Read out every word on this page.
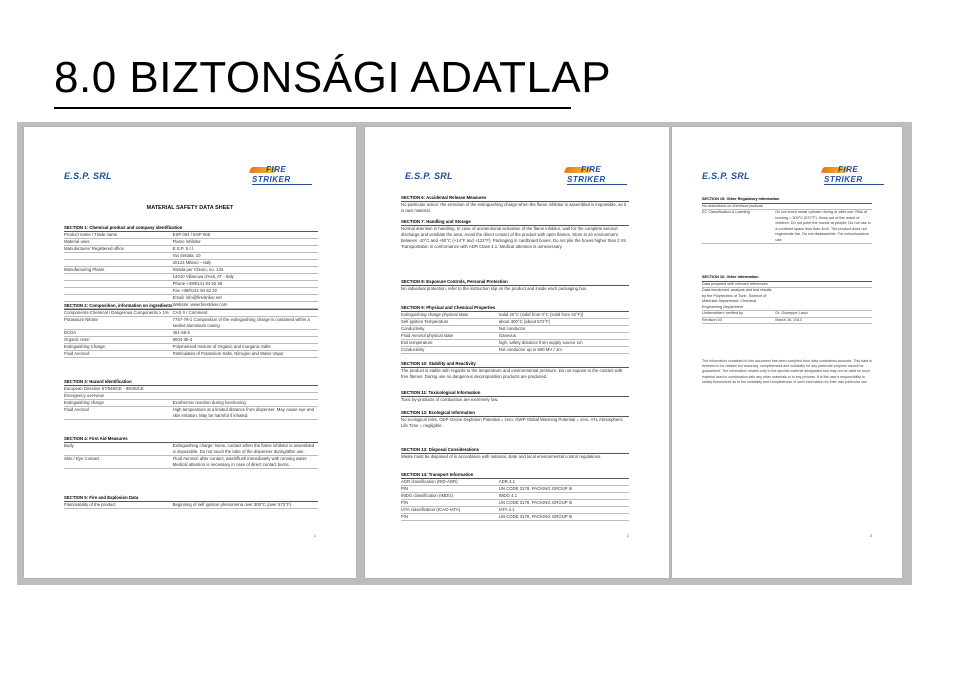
8.0 BIZTONSÁGI ADATLAP
E.S.P. SRL
FIRE
STRIKER
MATERIAL SAFETY DATA SHEET
SECTION 1: Chemical product and company identification
Product name / Trade name	ESP 004 / ESP 005
Material uses	Flame inhibitor
Manufacturer/ Registered office	E.S.P. S.r.l.
Via Settala, 10
20124 Milano – Italy
Manufacturing Plants	Strada per Chiaro, no. 134
14010 Villanova d'Asti, AT - Italy
Phone +39/0141 94 62 58
Fax +39/0141 94 62 22
Email: info@firestriker.net
Website: www.firestriker.com
SECTION 2: Composition, information on ingredients
Components-Chemical / Dangerous Components ≥ 1% CAS # / Comment
Potassium Nitrate	7757-79-1 Composition of the extinguishing charge is contained within a sealed aluminium casing
DCDA	461-58-5
Organic resin	9003-35-4
Extinguishing Charge:	Polymerised mixture of Organic and Inorganic Salts
Fluid Aerosol:	Particulates of Potassium Salts, Nitrogen and Water Vapor
SECTION 3: Hazard Identification
European Directive 67/548/CE - 99/45/CE
Emergency overview
Extinguishing charge	Exothermic reaction during functioning
Fluid Aerosol	High temperature at a limited distance from dispenser. May cause eye and skin irritation. May be harmful if inhaled.
SECTION 4: First Aid Measures
Body	Extinguishing charge: None, contact when the flame inhibitor is assembled is impossible. Do not touch the tube of the dispenser during/after use.
Skin / Eye Contact	Fluid Aerosol: after contact, wash/flush immediately with running water. Medical attention is necessary in case of direct contact burns.
SECTION 5: Fire and Explosion Data
Flammability of the product	Beginning of self ignition phenomena over 300°C (over 572°F).
1
E.S.P. SRL
FIRE
STRIKER
SECTION 6: Accidental Release Measures
No particular action: the emission of the extinguishing charge when the flame inhibitor is assembled is impossible, as it is own material.
SECTION 7: Handling and Storage
Normal attention in handling. In case of unintentional activation of the flame inhibitor, wait for the complete aerosol discharge and ventilate the area. Avoid the direct contact of the product with open flames. Store in an environment between -10°C and +50°C (+14°F and +122°F). Packaging in cardboard boxes. Do not pile the boxes higher than 2 mt. Transportation in conformance with ADR Class 4.1. Medical attention is unnecessary.
SECTION 8: Exposure Controls, Personal Protection
No individual protection, refer to the instruction slip on the product and inside each packaging box.
SECTION 9: Physical and Chemical Properties
Extinguishing charge physical state	Solid 20°C (solid from 0°C (solid from 32°F))
Self ignition Temperature	about 300°C (about 572°F)
Conductivity	Not conductor
Fluid Aerosol physical state	Gaseous
Exit temperature	high, safety distance from supply source 1m
Conductivity	Not conductor up to 500 MV / 1m
SECTION 10: Stability and Reactivity
The product is stable with regards to the temperature and environmental pressure. Do not expose to the contact with free flames. During use no dangerous decomposition products are produced.
SECTION 11: Toxicological Information
Toxic by-products of combustion are extremely low.
SECTION 12: Ecological Information
No ecological risks. ODP Ozone Depletion Potential = zero. GWP Global Warming Potential = zero. ATL Atmospheric Life Time = negligible.
SECTION 13: Disposal Considerations
Waste must be disposed of in accordance with national, state and local environmental control regulations.
SECTION 14: Transport Information
ADR classification (RID-ADR)	ADR 4.1
P/N	UN CODE 3178, PACKING GROUP III
IMDG classification (IMDG)	IMDG 4.1
P/N	UN CODE 3178, PACKING GROUP III
IATA classification (ICAO-IATA)	IATA 4.1
P/N	UN CODE 3178, PACKING GROUP III
2
E.S.P. SRL
FIRE
STRIKER
SECTION 15: Other Regulatory Information
No restrictions on chemical products
EC Classification & Labeling	Do not touch metal cylinder during or after use. Risk of burning > 300°C (572°F). Keep out of the reach of children. Do not point the nozzle at people. Do not use in a confined space less than 4m3. The product does not regenerate fire. Do not disassemble. For indoor/outdoor use.
SECTION 16: Other Information
Data prepared with relevant references.
Data mentioned, analysis and test results by the Polytechnic of Turin, Science of Materials Department; Chemical Engineering Department
Underwritten/ verified by	Dr. Giuseppe Lanzi
Revision 00	March 26, 2013
The information contained in this document has been compiled from data considered accurate. This data is believed to be reliable but accuracy, completeness and suitability for any particular purpose cannot be guaranteed. The information relates only to the specific material designated and may not be valid for such material used in combination with any other materials or in any process. It is the user's responsibility to satisfy themselves as to the suitability and completeness of such information for their own particular use.
3
